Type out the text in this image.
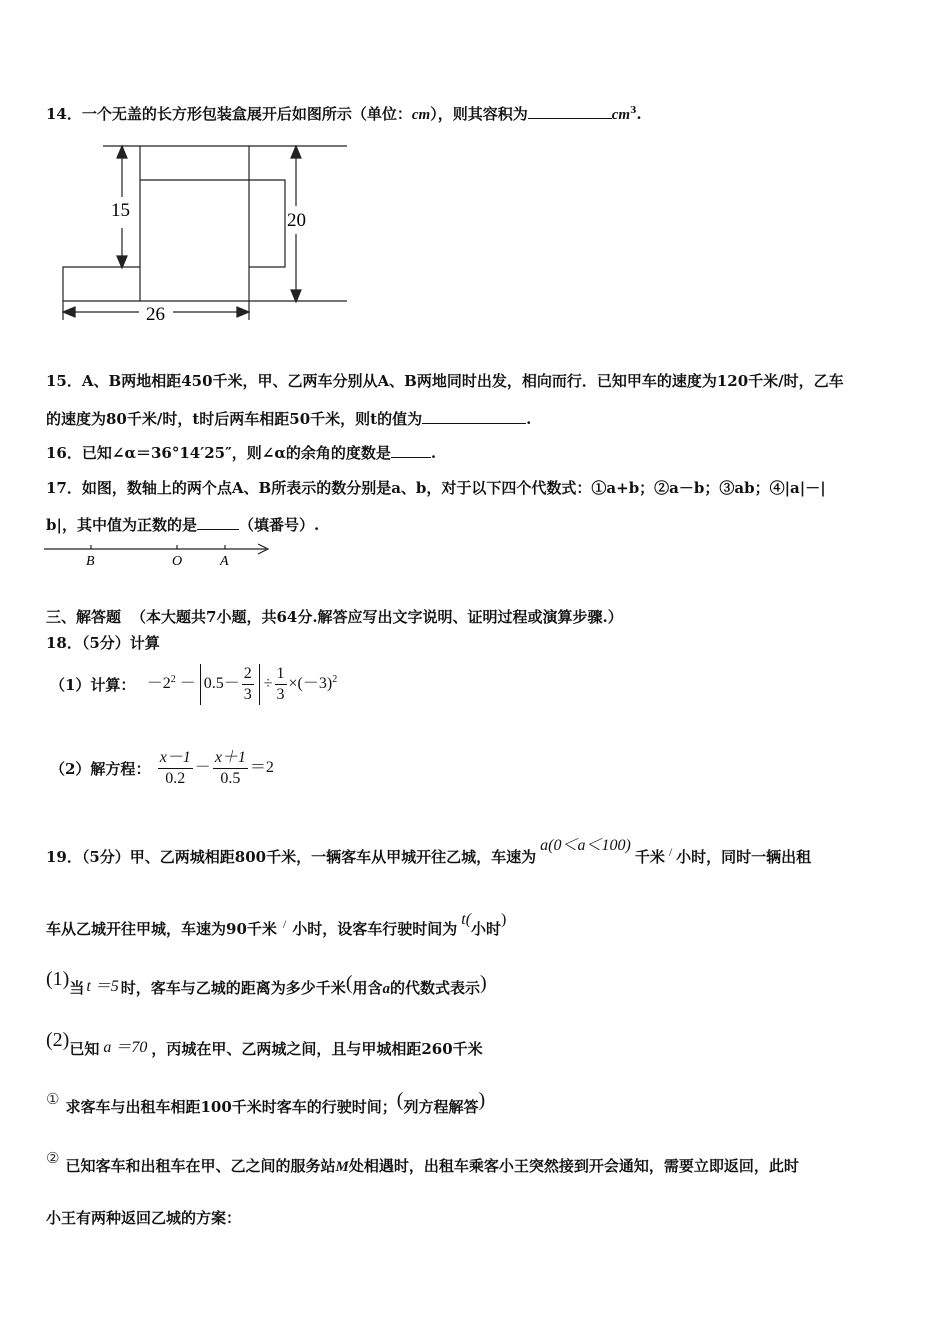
14．一个无盖的长方形包装盒展开后如图所示（单位：cm），则其容积为	$cm^3$.
15	20
26
15．A、B两地相距450千米，甲、乙两车分别从A、B两地同时出发，相向而行．已知甲车的速度为120千米/时，乙车
的速度为80千米/时，t时后两车相距50千米，则t的值为	.
16．已知∠α＝36°14′25″，则∠α的余角的度数是	.
17．如图，数轴上的两个点A、B所表示的数分别是a、b，对于以下四个代数式：①a+b；②a－b；③ab；④|a|－|
b|，其中值为正数的是	（填番号）.
B	O	A
三、解答题 （本大题共7小题，共64分.解答应写出文字说明、证明过程或演算步骤.）
18．（5分）计算
（1）计算： $-2^2 - 0.5- \frac{2}{3} \div \frac{1}{3} \times(-3)^2$
（2）解方程： $\frac{x-1}{0.2} - \frac{x+1}{0.5} =2$
19．（5分）甲、乙两城相距800千米，一辆客车从甲城开往乙城，车速为a(0＜a＜100)千米 / 小时，同时一辆出租
车从乙城开往甲城，车速为90千米 / 小时，设客车行驶时间为t(小时)
(1)当 t ＝5 时，客车与乙城的距离为多少千米(用含a的代数式表示)
(2)已知 a ＝70 ，丙城在甲、乙两城之间，且与甲城相距260千米
① 求客车与出租车相距100千米时客车的行驶时间；(列方程解答)
② 已知客车和出租车在甲、乙之间的服务站M处相遇时，出租车乘客小王突然接到开会通知，需要立即返回，此时
小王有两种返回乙城的方案：
